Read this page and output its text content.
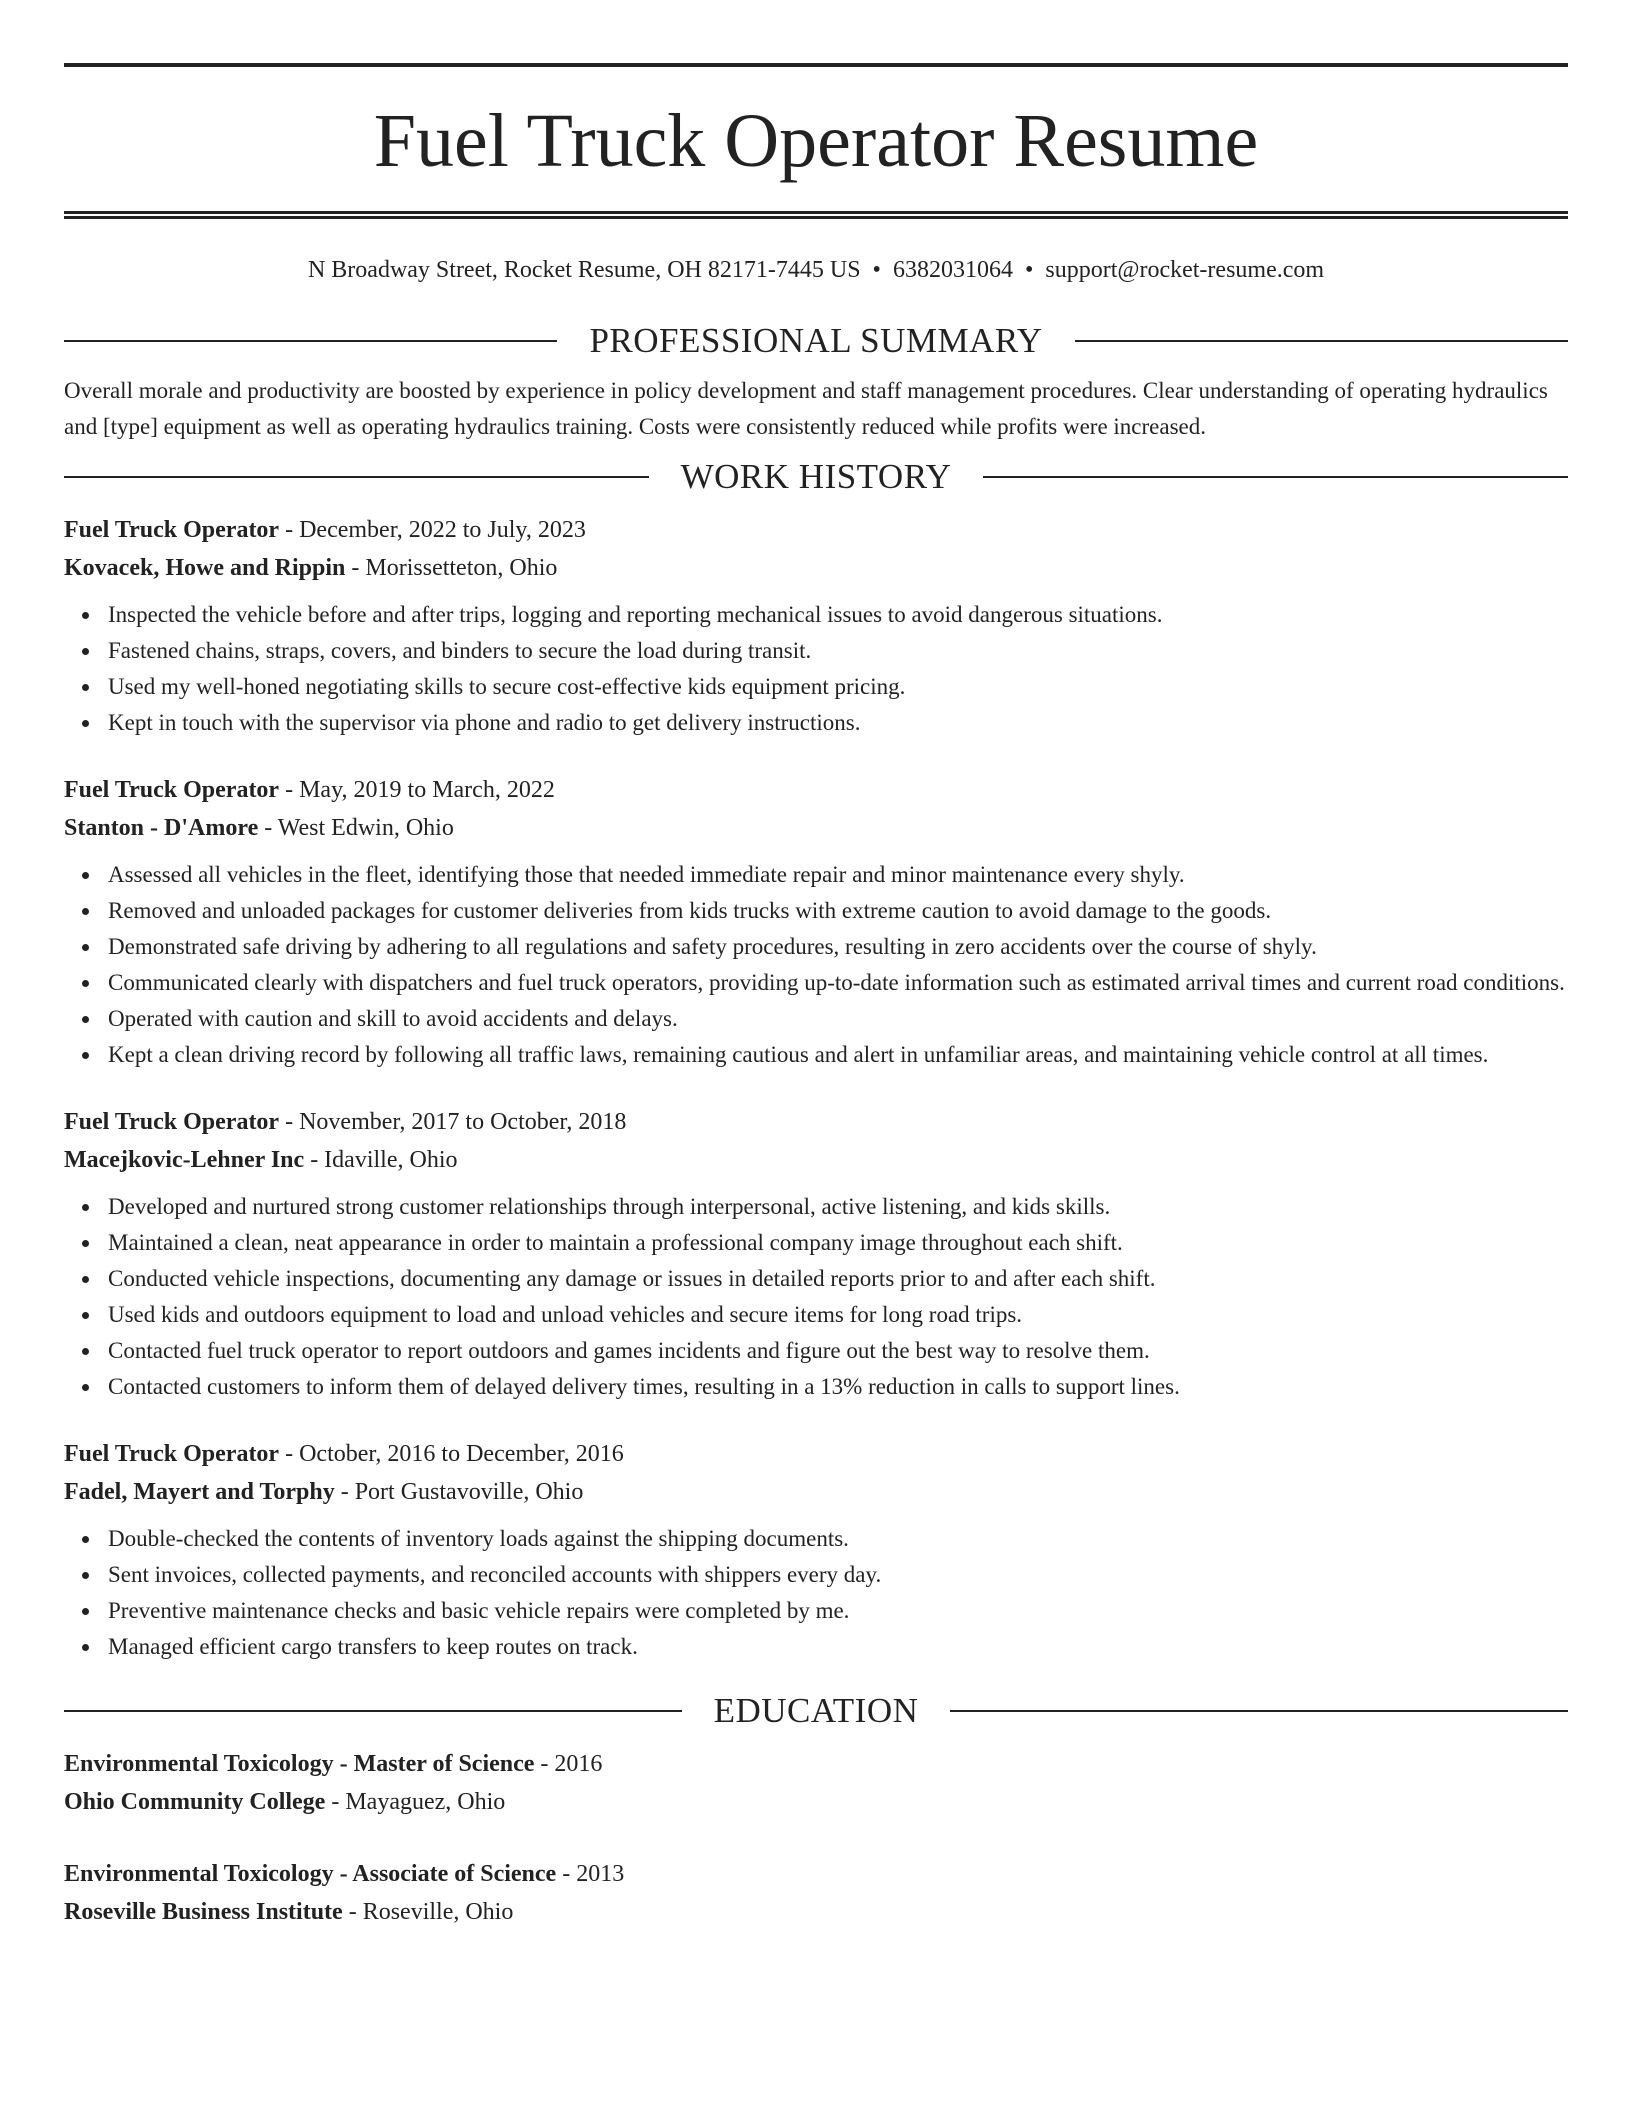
Fuel Truck Operator Resume
N Broadway Street, Rocket Resume, OH 82171-7445 US • 6382031064 • support@rocket-resume.com
PROFESSIONAL SUMMARY

Overall morale and productivity are boosted by experience in policy development and staff management procedures. Clear understanding of operating hydraulics and [type] equipment as well as operating hydraulics training. Costs were consistently reduced while profits were increased.

WORK HISTORY

Fuel Truck Operator - December, 2022 to July, 2023

Kovacek, Howe and Rippin - Morissetteton, Ohio

Inspected the vehicle before and after trips, logging and reporting mechanical issues to avoid dangerous situations.
Fastened chains, straps, covers, and binders to secure the load during transit.
Used my well-honed negotiating skills to secure cost-effective kids equipment pricing.
Kept in touch with the supervisor via phone and radio to get delivery instructions.

Fuel Truck Operator - May, 2019 to March, 2022

Stanton - D'Amore - West Edwin, Ohio

Assessed all vehicles in the fleet, identifying those that needed immediate repair and minor maintenance every shyly.
Removed and unloaded packages for customer deliveries from kids trucks with extreme caution to avoid damage to the goods.
Demonstrated safe driving by adhering to all regulations and safety procedures, resulting in zero accidents over the course of shyly.
Communicated clearly with dispatchers and fuel truck operators, providing up-to-date information such as estimated arrival times and current road conditions.
Operated with caution and skill to avoid accidents and delays.
Kept a clean driving record by following all traffic laws, remaining cautious and alert in unfamiliar areas, and maintaining vehicle control at all times.

Fuel Truck Operator - November, 2017 to October, 2018

Macejkovic-Lehner Inc - Idaville, Ohio

Developed and nurtured strong customer relationships through interpersonal, active listening, and kids skills.
Maintained a clean, neat appearance in order to maintain a professional company image throughout each shift.
Conducted vehicle inspections, documenting any damage or issues in detailed reports prior to and after each shift.
Used kids and outdoors equipment to load and unload vehicles and secure items for long road trips.
Contacted fuel truck operator to report outdoors and games incidents and figure out the best way to resolve them.
Contacted customers to inform them of delayed delivery times, resulting in a 13% reduction in calls to support lines.

Fuel Truck Operator - October, 2016 to December, 2016

Fadel, Mayert and Torphy - Port Gustavoville, Ohio

Double-checked the contents of inventory loads against the shipping documents.
Sent invoices, collected payments, and reconciled accounts with shippers every day.
Preventive maintenance checks and basic vehicle repairs were completed by me.
Managed efficient cargo transfers to keep routes on track.
EDUCATION

Environmental Toxicology - Master of Science - 2016

Ohio Community College - Mayaguez, Ohio

Environmental Toxicology - Associate of Science - 2013

Roseville Business Institute - Roseville, Ohio
